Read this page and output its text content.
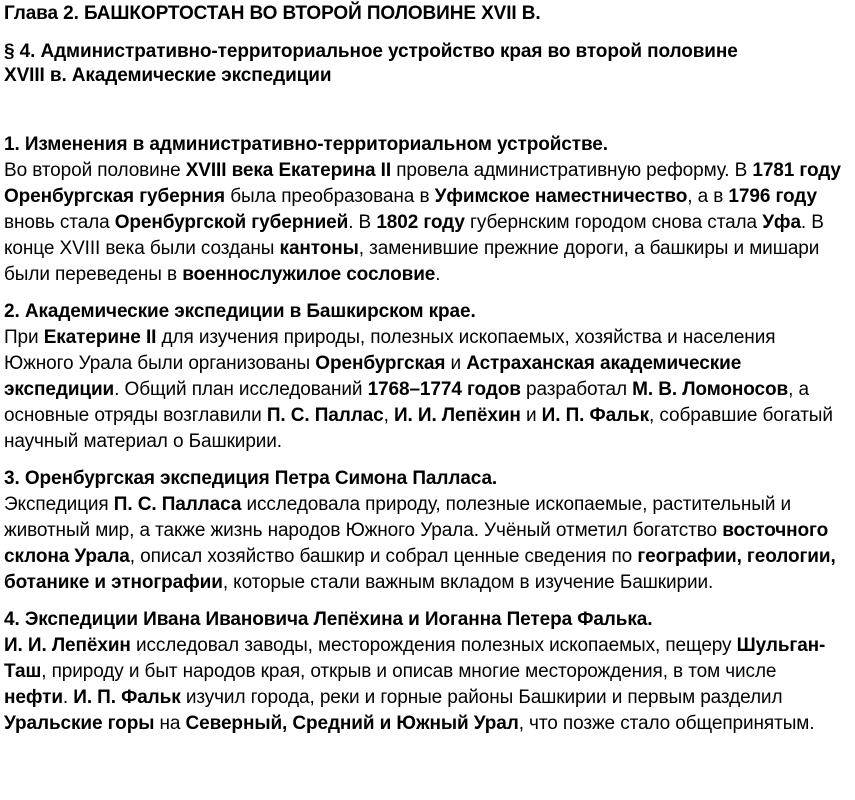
Глава 2. БАШКОРТОСТАН ВО ВТОРОЙ ПОЛОВИНЕ XVII В.
§ 4. Административно-территориальное устройство края во второй половине
XVIII в. Академические экспедиции
1. Изменения в административно-территориальном устройстве.

Во второй половине XVIII века Екатерина II провела административную реформу. В 1781 году Оренбургская губерния была преобразована в Уфимское наместничество, а в 1796 году вновь стала Оренбургской губернией. В 1802 году губернским городом снова стала Уфа. В конце XVIII века были созданы кантоны, заменившие прежние дороги, а башкиры и мишари были переведены в военнослужилое сословие.

2. Академические экспедиции в Башкирском крае.

При Екатерине II для изучения природы, полезных ископаемых, хозяйства и населения Южного Урала были организованы Оренбургская и Астраханская академические экспедиции. Общий план исследований 1768–1774 годов разработал М. В. Ломоносов, а основные отряды возглавили П. С. Паллас, И. И. Лепёхин и И. П. Фальк, собравшие богатый научный материал о Башкирии.

3. Оренбургская экспедиция Петра Симона Палласа.

Экспедиция П. С. Палласа исследовала природу, полезные ископаемые, растительный и животный мир, а также жизнь народов Южного Урала. Учёный отметил богатство восточного склона Урала, описал хозяйство башкир и собрал ценные сведения по географии, геологии, ботанике и этнографии, которые стали важным вкладом в изучение Башкирии.

4. Экспедиции Ивана Ивановича Лепёхина и Иоганна Петера Фалька.

И. И. Лепёхин исследовал заводы, месторождения полезных ископаемых, пещеру Шульган-Таш, природу и быт народов края, открыв и описав многие месторождения, в том числе нефти. И. П. Фальк изучил города, реки и горные районы Башкирии и первым разделил Уральские горы на Северный, Средний и Южный Урал, что позже стало общепринятым.
